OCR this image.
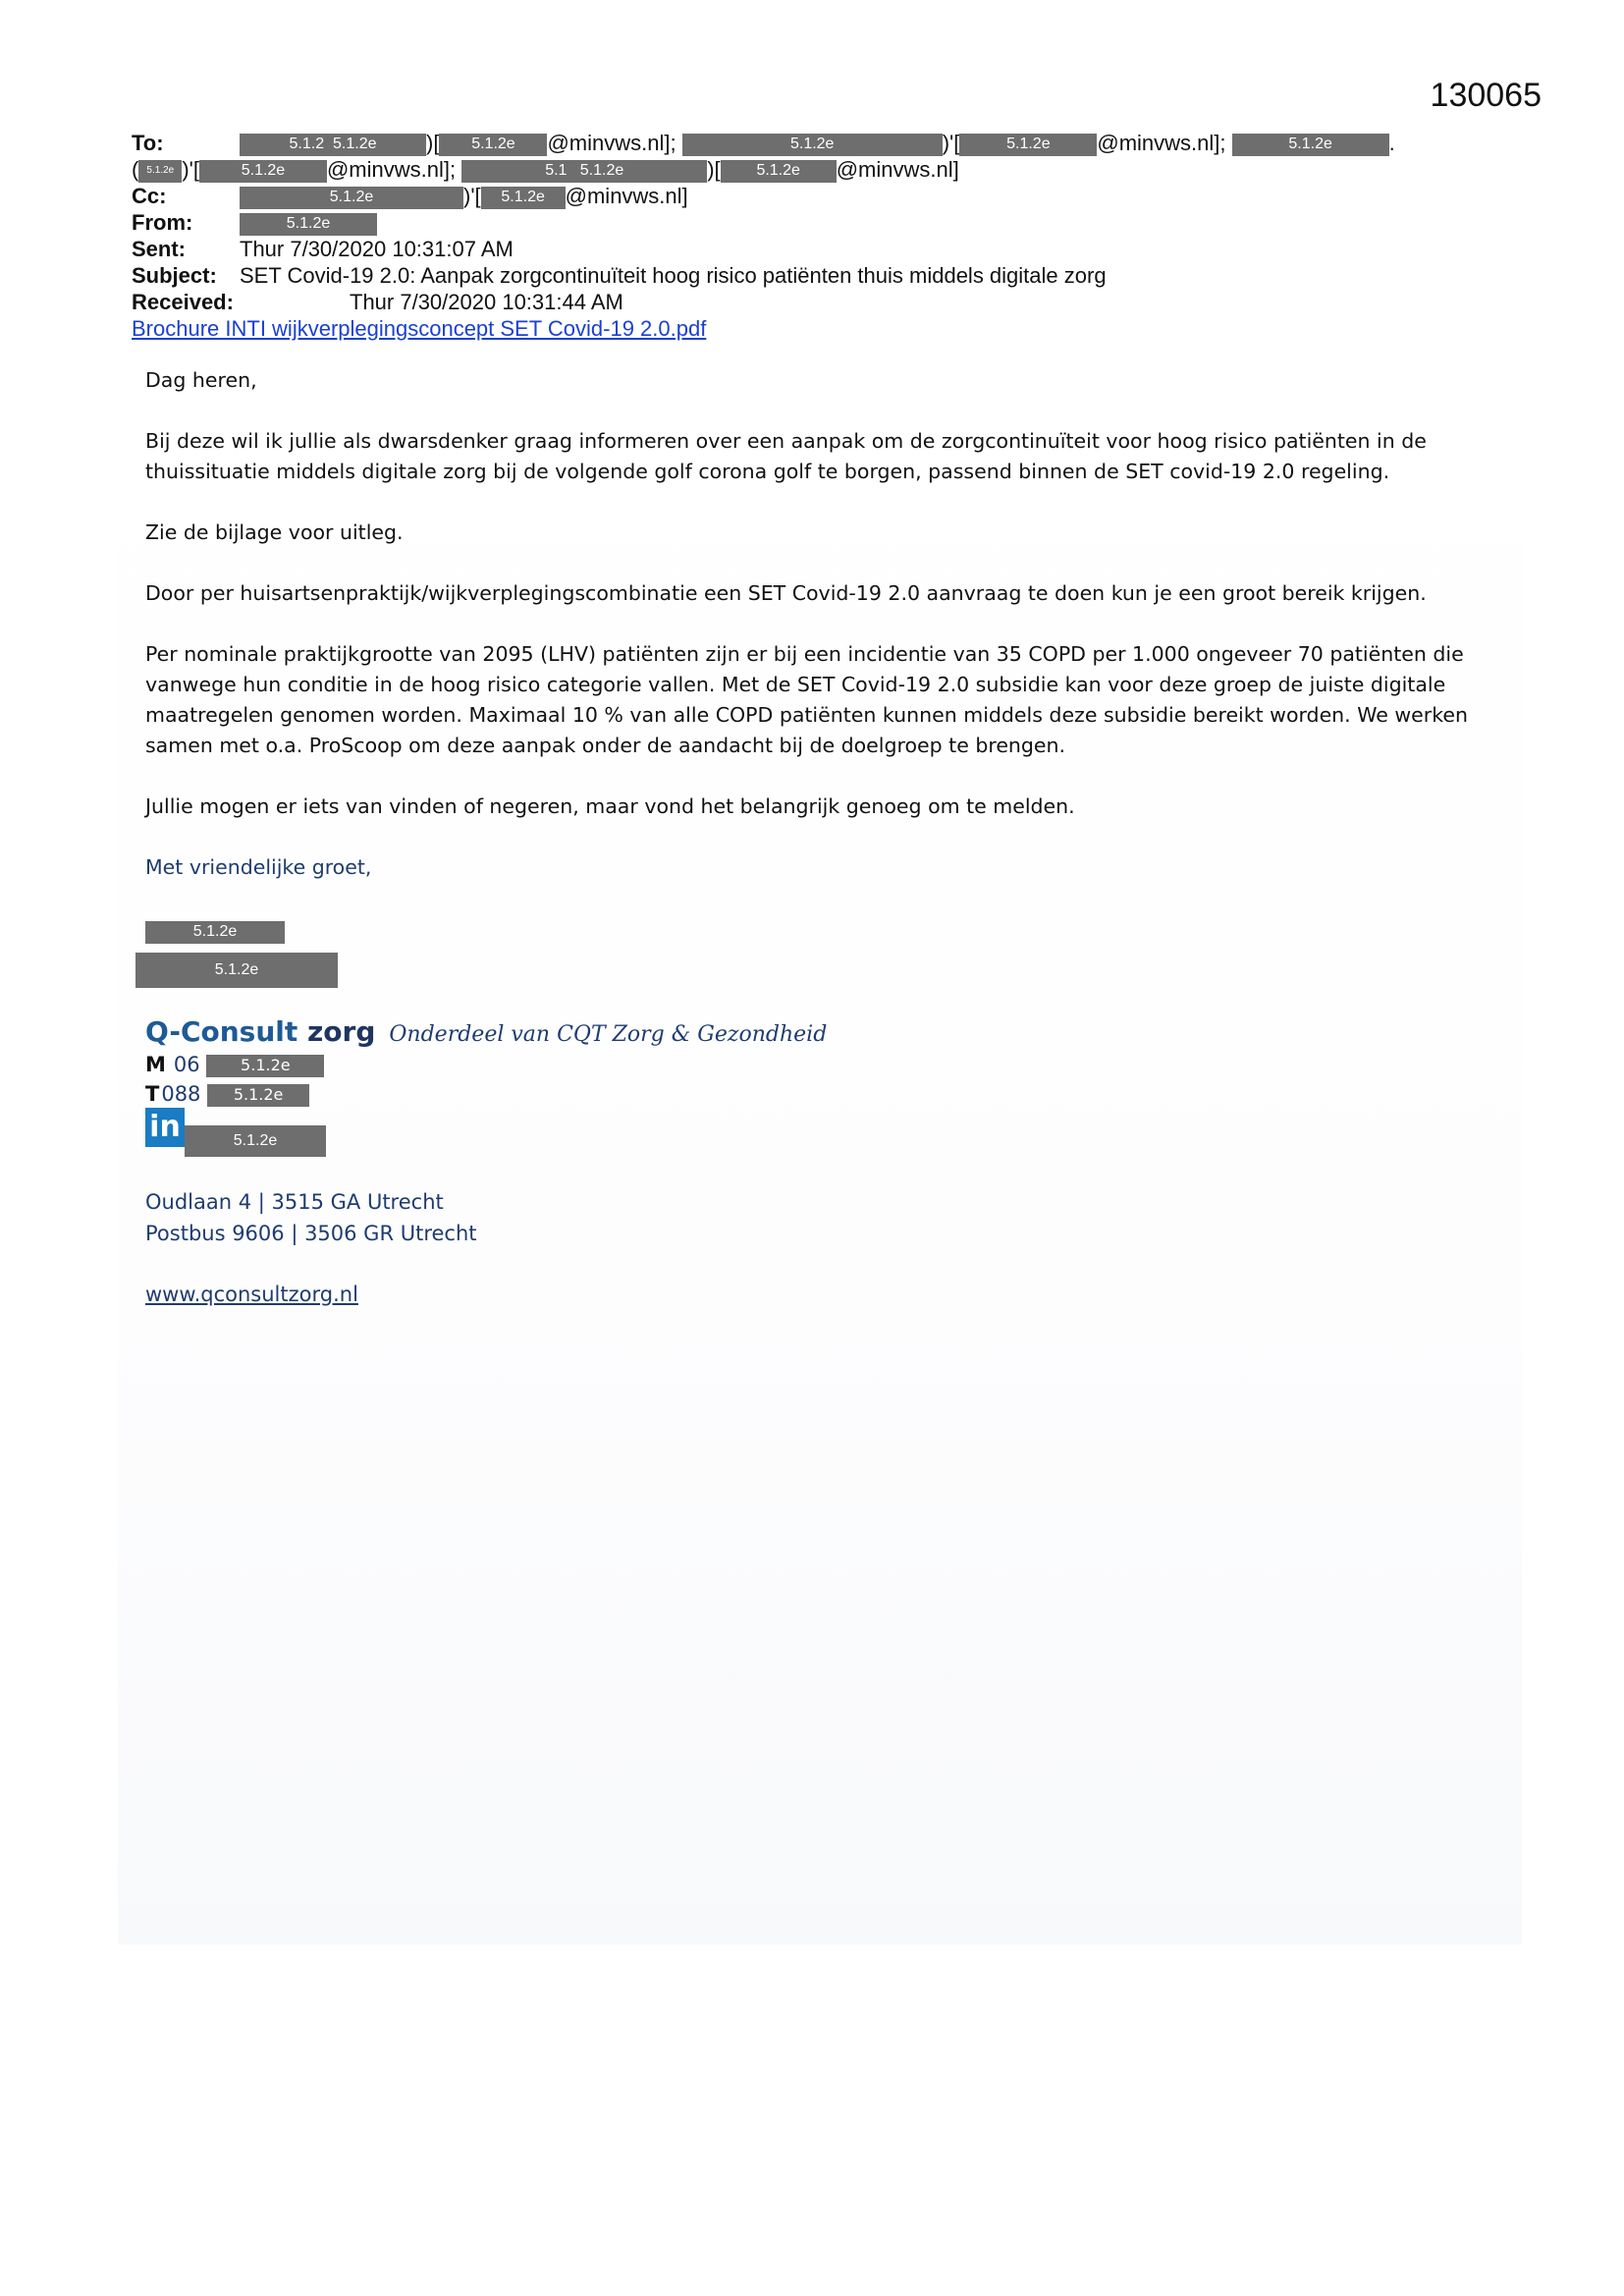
130065
To:	5.1.2 5.1.2e )[ 5.1.2e @minvws.nl];	5.1.2e	)'[	5.1.2e @minvws.nl];	5.1.2e	.
( 5.1.2e )'[	5.1.2e @minvws.nl];	5.1 5.1.2e	)[ 5.1.2e @minvws.nl]
Cc:	5.1.2e	)'[ 5.1.2e @minvws.nl]
From:	5.1.2e
Sent:	Thur 7/30/2020 10:31:07 AM
Subject: SET Covid-19 2.0: Aanpak zorgcontinuïteit hoog risico patiënten thuis middels digitale zorg
Received:	Thur 7/30/2020 10:31:44 AM
Brochure INTI wijkverplegingsconcept SET Covid-19 2.0.pdf

Dag heren,

Bij deze wil ik jullie als dwarsdenker graag informeren over een aanpak om de zorgcontinuïteit voor hoog risico patiënten in de thuissituatie middels digitale zorg bij de volgende golf corona golf te borgen, passend binnen de SET covid-19 2.0 regeling.

Zie de bijlage voor uitleg.

Door per huisartsenpraktijk/wijkverplegingscombinatie een SET Covid-19 2.0 aanvraag te doen kun je een groot bereik krijgen.

Per nominale praktijkgrootte van 2095 (LHV) patiënten zijn er bij een incidentie van 35 COPD per 1.000 ongeveer 70 patiënten die vanwege hun conditie in de hoog risico categorie vallen. Met de SET Covid-19 2.0 subsidie kan voor deze groep de juiste digitale maatregelen genomen worden. Maximaal 10 % van alle COPD patiënten kunnen middels deze subsidie bereikt worden. We werken samen met o.a. ProScoop om deze aanpak onder de aandacht bij de doelgroep te brengen.

Jullie mogen er iets van vinden of negeren, maar vond het belangrijk genoeg om te melden.

Met vriendelijke groet,

5.1.2e
5.1.2e
Q-Consult zorg Onderdeel van CQT Zorg & Gezondheid
M 06	5.1.2e
T088 5.1.2e
in	5.1.2e
Oudlaan 4 | 3515 GA Utrecht
Postbus 9606 | 3506 GR Utrecht
www.qconsultzorg.nl
